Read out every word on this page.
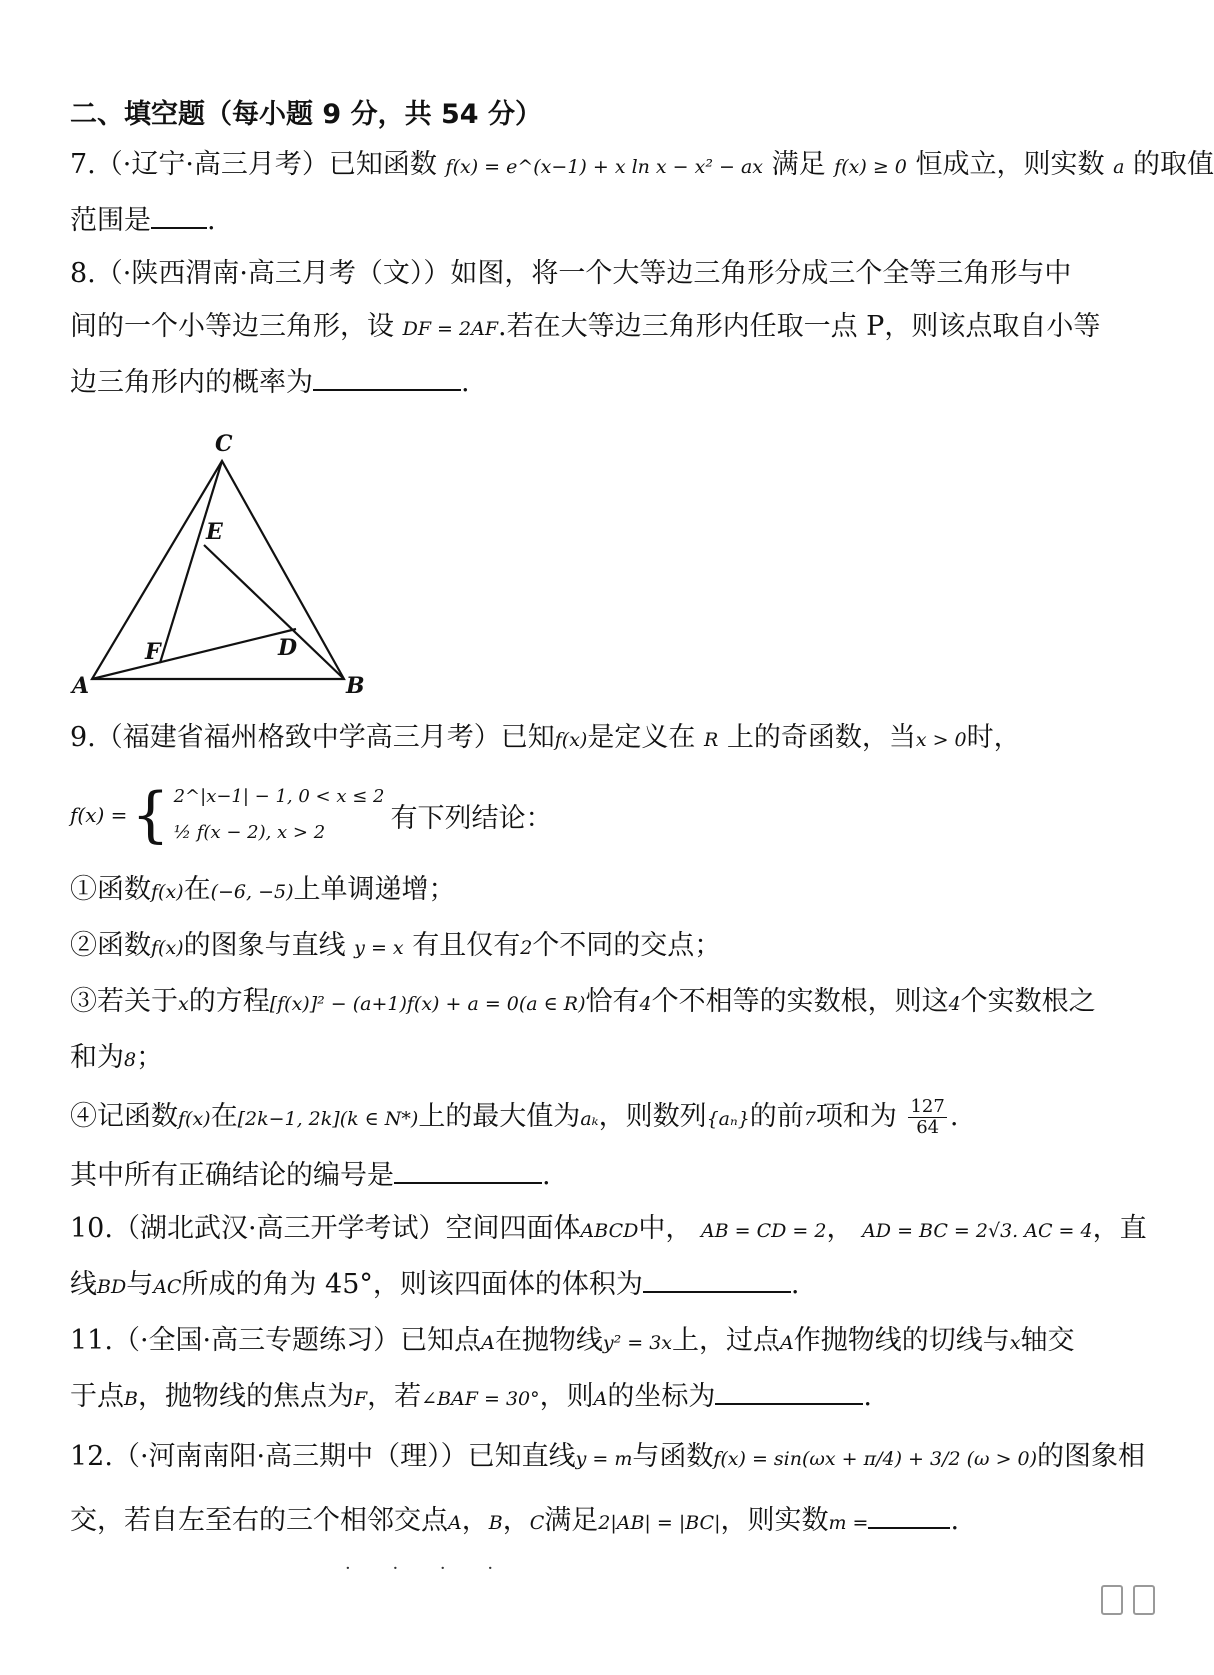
二、填空题（每小题 9 分，共 54 分）
7.（·辽宁·高三月考）已知函数 f(x) = e^(x−1) + x ln x − x² − ax 满足 f(x) ≥ 0 恒成立，则实数 a 的取值
范围是 .
8.（·陕西渭南·高三月考（文））如图，将一个大等边三角形分成三个全等三角形与中
间的一个小等边三角形，设 DF = 2AF.若在大等边三角形内任取一点 P，则该点取自小等
边三角形内的概率为	.
C
E
F	D
A	B
9.（福建省福州格致中学高三月考）已知f(x)是定义在 R 上的奇函数，当x > 0时，
f(x) = { 2^|x−1| − 1, 0 < x ≤ 2
½ f(x − 2), x > 2	有下列结论：
①函数f(x)在(−6, −5)上单调递增；
②函数f(x)的图象与直线 y = x 有且仅有2个不同的交点；
③若关于x的方程[f(x)]² − (a+1)f(x) + a = 0(a ∈ R)恰有4个不相等的实数根，则这4个实数根之
和为8；
④记函数f(x)在[2k−1, 2k](k ∈ N*)上的最大值为aₖ，则数列{aₙ}的前7项和为 $\frac{127}{64}$ .
其中所有正确结论的编号是	.
10.（湖北武汉·高三开学考试）空间四面体ABCD中， AB = CD = 2， AD = BC = 2√3. AC = 4，直
线BD与AC所成的角为 45°，则该四面体的体积为	.
11.（·全国·高三专题练习）已知点A在抛物线y² = 3x上，过点A作抛物线的切线与x轴交
于点B，抛物线的焦点为F，若∠BAF = 30°，则A的坐标为	.
12.（·河南南阳·高三期中（理））已知直线y = m与函数f(x) = sin(ωx + π/4) + 3/2 (ω > 0)的图象相
交，若自左至右的三个相邻交点A，B，C满足2|AB| = |BC|，则实数m =	.
· · · ·
